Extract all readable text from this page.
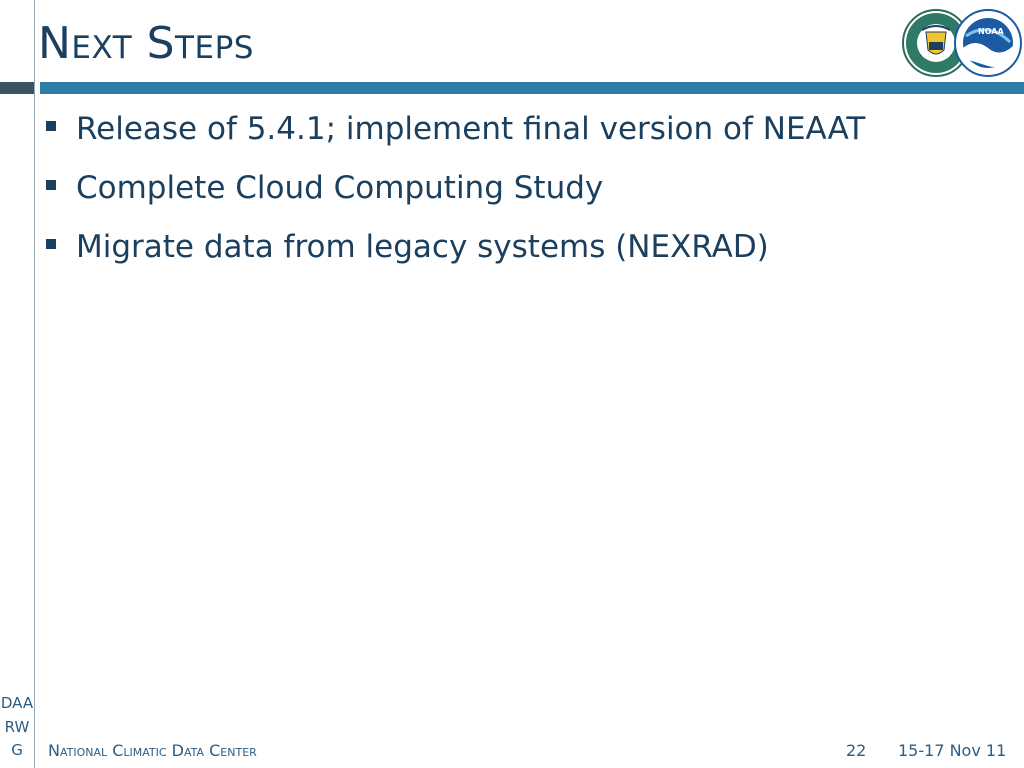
Next Steps	NOAA
Release of 5.4.1; implement final version of NEAAT
Complete Cloud Computing Study
Migrate data from legacy systems (NEXRAD)
DAA
RW
G	National Climatic Data Center	22 15-17 Nov 11
